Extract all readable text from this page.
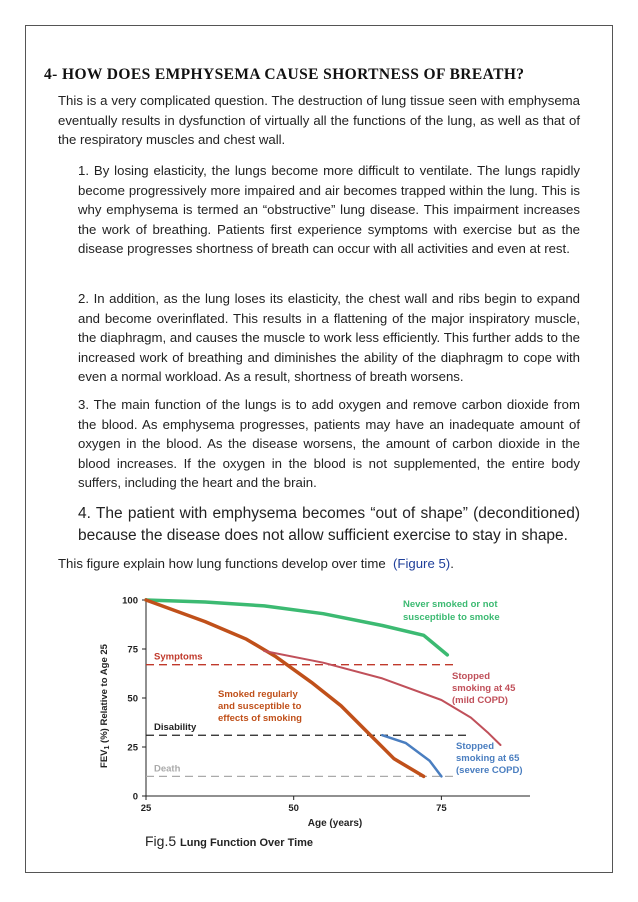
4- HOW DOES EMPHYSEMA CAUSE SHORTNESS OF BREATH?

This is a very complicated question. The destruction of lung tissue seen with emphysema eventually results in dysfunction of virtually all the functions of the lung, as well as that of the respiratory muscles and chest wall.

1. By losing elasticity, the lungs become more difficult to ventilate. The lungs rapidly become progressively more impaired and air becomes trapped within the lung. This is why emphysema is termed an “obstructive” lung disease. This impairment increases the work of breathing. Patients first experience symptoms with exercise but as the disease progresses shortness of breath can occur with all activities and even at rest.

2. In addition, as the lung loses its elasticity, the chest wall and ribs begin to expand and become overinflated. This results in a flattening of the major inspiratory muscle, the diaphragm, and causes the muscle to work less efficiently. This further adds to the increased work of breathing and diminishes the ability of the diaphragm to cope with even a normal workload. As a result, shortness of breath worsens.

3. The main function of the lungs is to add oxygen and remove carbon dioxide from the blood. As emphysema progresses, patients may have an inadequate amount of oxygen in the blood. As the disease worsens, the amount of carbon dioxide in the blood increases. If the oxygen in the blood is not supplemented, the entire body suffers, including the heart and the brain.

4. The patient with emphysema becomes “out of shape” (deconditioned) because the disease does not allow sufficient exercise to stay in shape.

This figure explain how lung functions develop over time (Figure 5).

0
25
50
75
100
25	50	75
Symptoms
Disability
Death
$FEV_1$ (%) Relative to Age 25
Age (years)
Never smoked or not
susceptible to smoke
Smoked regularly
and susceptible to
effects of smoking
Stopped
smoking at 45
(mild COPD)
Stopped
smoking at 65
(severe COPD)
Fig.5 Lung Function Over Time
